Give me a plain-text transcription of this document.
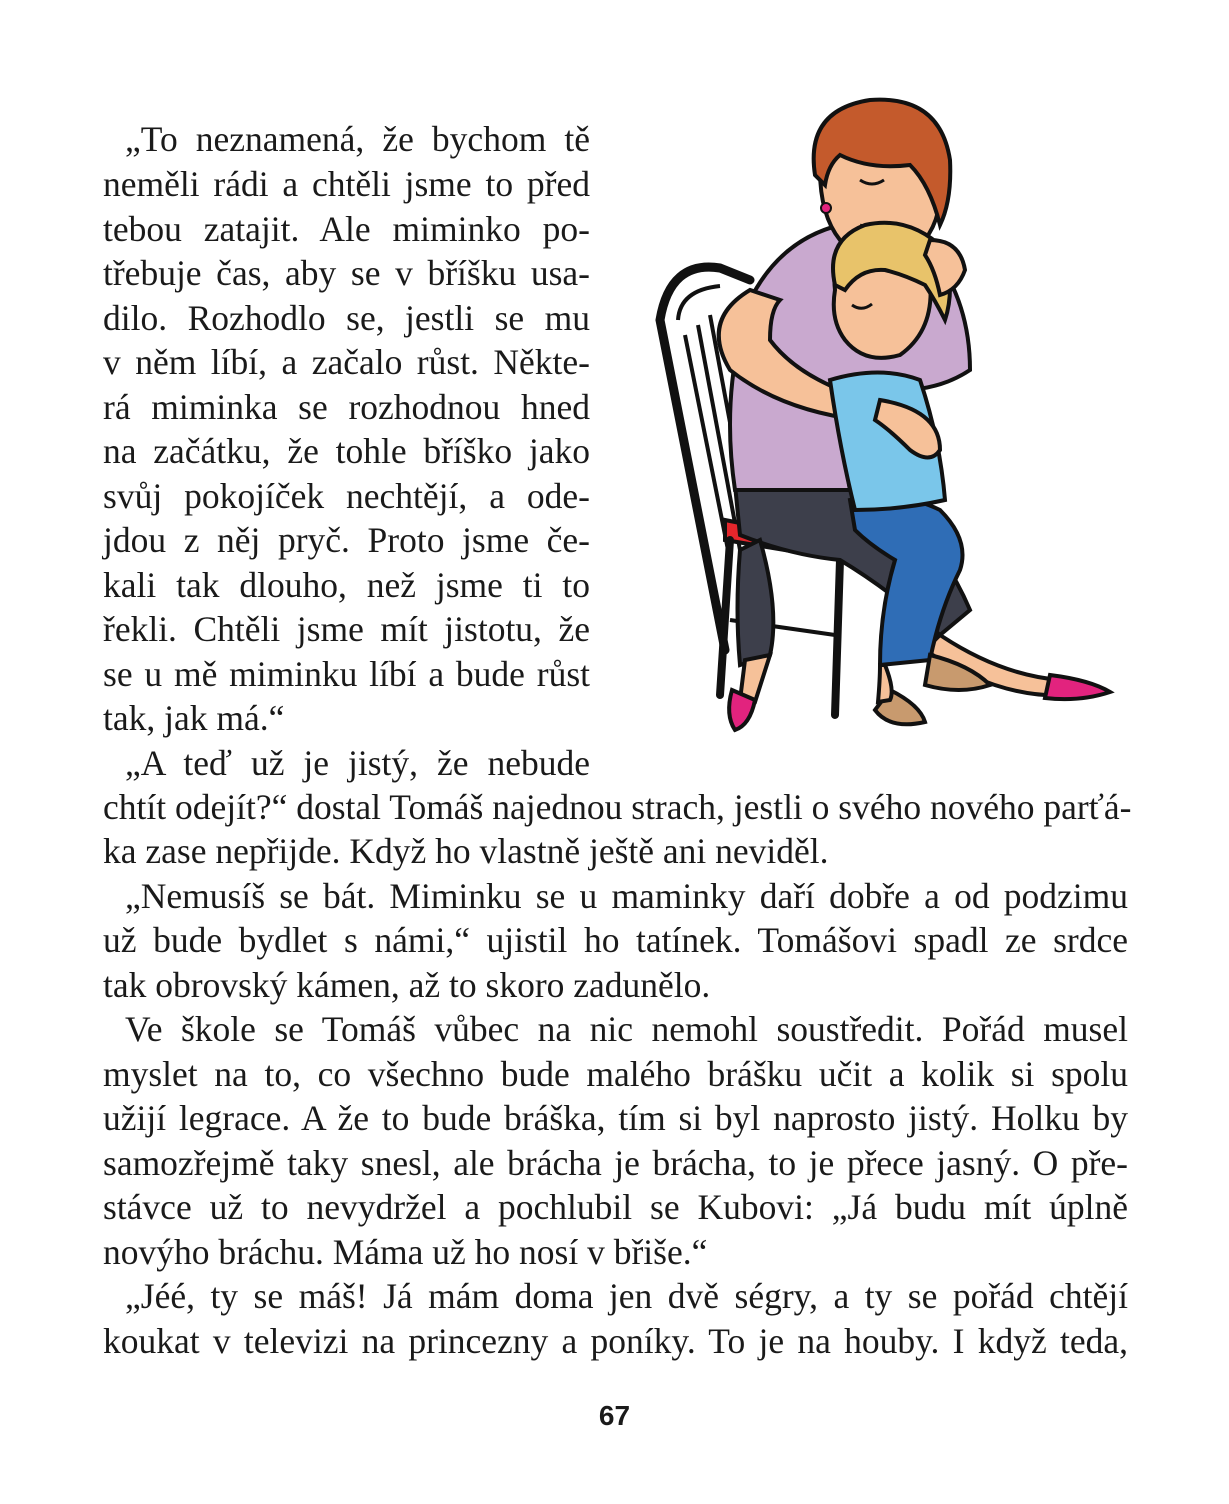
„To neznamená, že bychom tě
neměli rádi a chtěli jsme to před
tebou zatajit. Ale miminko po-
třebuje čas, aby se v bříšku usa-
dilo. Rozhodlo se, jestli se mu
v něm líbí, a začalo růst. Někte-
rá miminka se rozhodnou hned
na začátku, že tohle bříško jako
svůj pokojíček nechtějí, a ode-
jdou z něj pryč. Proto jsme če-
kali tak dlouho, než jsme ti to
řekli. Chtěli jsme mít jistotu, že
se u mě miminku líbí a bude růst
tak, jak má.“
„A teď už je jistý, že nebude
chtít odejít?“ dostal Tomáš najednou strach, jestli o svého nového parťá-
ka zase nepřijde. Když ho vlastně ještě ani neviděl.
„Nemusíš se bát. Miminku se u maminky daří dobře a od podzimu
už bude bydlet s námi,“ ujistil ho tatínek. Tomášovi spadl ze srdce
tak obrovský kámen, až to skoro zadunělo.
Ve škole se Tomáš vůbec na nic nemohl soustředit. Pořád musel
myslet na to, co všechno bude malého brášku učit a kolik si spolu
užijí legrace. A že to bude bráška, tím si byl naprosto jistý. Holku by
samozřejmě taky snesl, ale brácha je brácha, to je přece jasný. O pře-
stávce už to nevydržel a pochlubil se Kubovi: „Já budu mít úplně
novýho bráchu. Máma už ho nosí v břiše.“
„Jéé, ty se máš! Já mám doma jen dvě ségry, a ty se pořád chtějí
koukat v televizi na princezny a poníky. To je na houby. I když teda,
67
